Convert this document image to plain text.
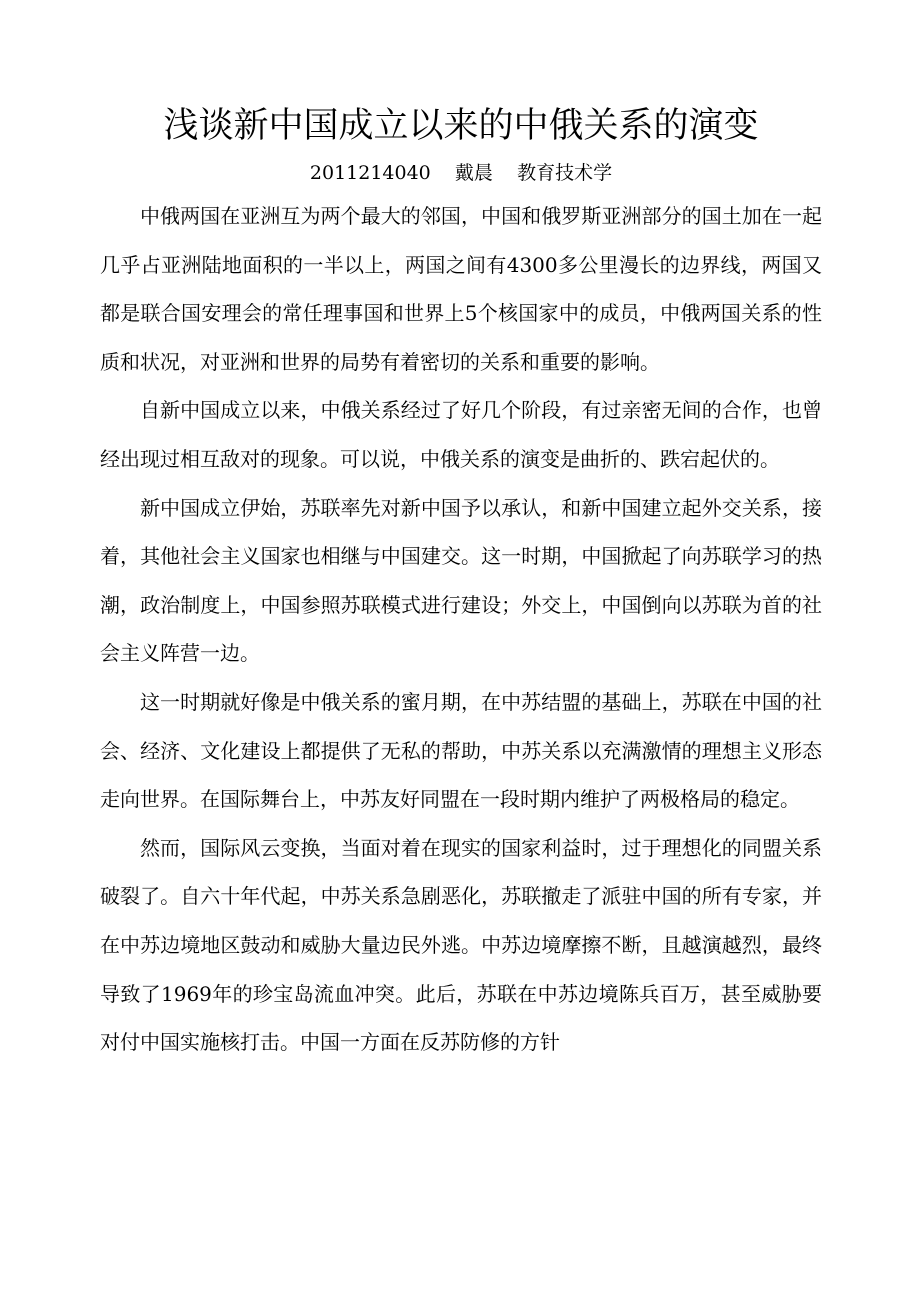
浅谈新中国成立以来的中俄关系的演变
2011214040    戴晨    教育技术学

中俄两国在亚洲互为两个最大的邻国，中国和俄罗斯亚洲部分的国土加在一起几乎占亚洲陆地面积的一半以上，两国之间有4300多公里漫长的边界线，两国又都是联合国安理会的常任理事国和世界上5个核国家中的成员，中俄两国关系的性质和状况，对亚洲和世界的局势有着密切的关系和重要的影响。

自新中国成立以来，中俄关系经过了好几个阶段，有过亲密无间的合作，也曾经出现过相互敌对的现象。可以说，中俄关系的演变是曲折的、跌宕起伏的。

新中国成立伊始，苏联率先对新中国予以承认，和新中国建立起外交关系，接着，其他社会主义国家也相继与中国建交。这一时期，中国掀起了向苏联学习的热潮，政治制度上，中国参照苏联模式进行建设；外交上，中国倒向以苏联为首的社会主义阵营一边。

这一时期就好像是中俄关系的蜜月期，在中苏结盟的基础上，苏联在中国的社会、经济、文化建设上都提供了无私的帮助，中苏关系以充满激情的理想主义形态走向世界。在国际舞台上，中苏友好同盟在一段时期内维护了两极格局的稳定。

然而，国际风云变换，当面对着在现实的国家利益时，过于理想化的同盟关系破裂了。自六十年代起，中苏关系急剧恶化，苏联撤走了派驻中国的所有专家，并在中苏边境地区鼓动和威胁大量边民外逃。中苏边境摩擦不断，且越演越烈，最终导致了1969年的珍宝岛流血冲突。此后，苏联在中苏边境陈兵百万，甚至威胁要对付中国实施核打击。中国一方面在反苏防修的方针
